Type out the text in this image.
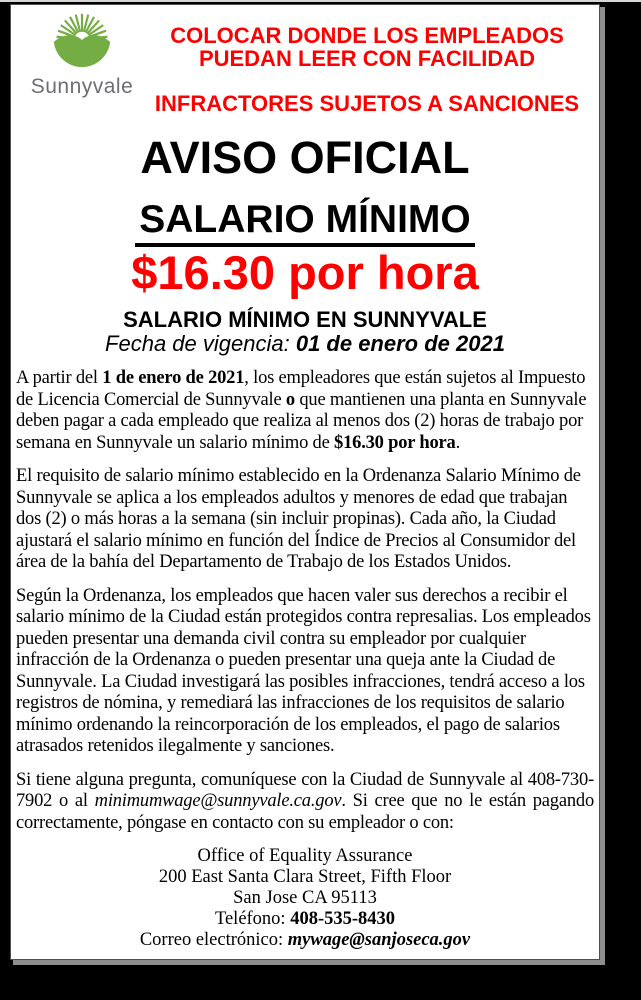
Sunnyvale
COLOCAR DONDE LOS EMPLEADOS
PUEDAN LEER CON FACILIDAD
INFRACTORES SUJETOS A SANCIONES
AVISO OFICIAL
SALARIO MÍNIMO
$16.30 por hora
SALARIO MÍNIMO EN SUNNYVALE
Fecha de vigencia: 01 de enero de 2021

A partir del 1 de enero de 2021, los empleadores que están sujetos al Impuesto de Licencia Comercial de Sunnyvale o que mantienen una planta en Sunnyvale deben pagar a cada empleado que realiza al menos dos (2) horas de trabajo por semana en Sunnyvale un salario mínimo de $16.30 por hora.

El requisito de salario mínimo establecido en la Ordenanza Salario Mínimo de Sunnyvale se aplica a los empleados adultos y menores de edad que trabajan dos (2) o más horas a la semana (sin incluir propinas). Cada año, la Ciudad ajustará el salario mínimo en función del Índice de Precios al Consumidor del área de la bahía del Departamento de Trabajo de los Estados Unidos.

Según la Ordenanza, los empleados que hacen valer sus derechos a recibir el salario mínimo de la Ciudad están protegidos contra represalias. Los empleados pueden presentar una demanda civil contra su empleador por cualquier infracción de la Ordenanza o pueden presentar una queja ante la Ciudad de Sunnyvale. La Ciudad investigará las posibles infracciones, tendrá acceso a los registros de nómina, y remediará las infracciones de los requisitos de salario mínimo ordenando la reincorporación de los empleados, el pago de salarios atrasados retenidos ilegalmente y sanciones.

Si tiene alguna pregunta, comuníquese con la Ciudad de Sunnyvale al 408-730-7902 o al minimumwage@sunnyvale.ca.gov. Si cree que no le están pagando correctamente, póngase en contacto con su empleador o con:

Office of Equality Assurance
200 East Santa Clara Street, Fifth Floor
San Jose CA 95113
Teléfono: 408-535-8430
Correo electrónico: mywage@sanjoseca.gov
